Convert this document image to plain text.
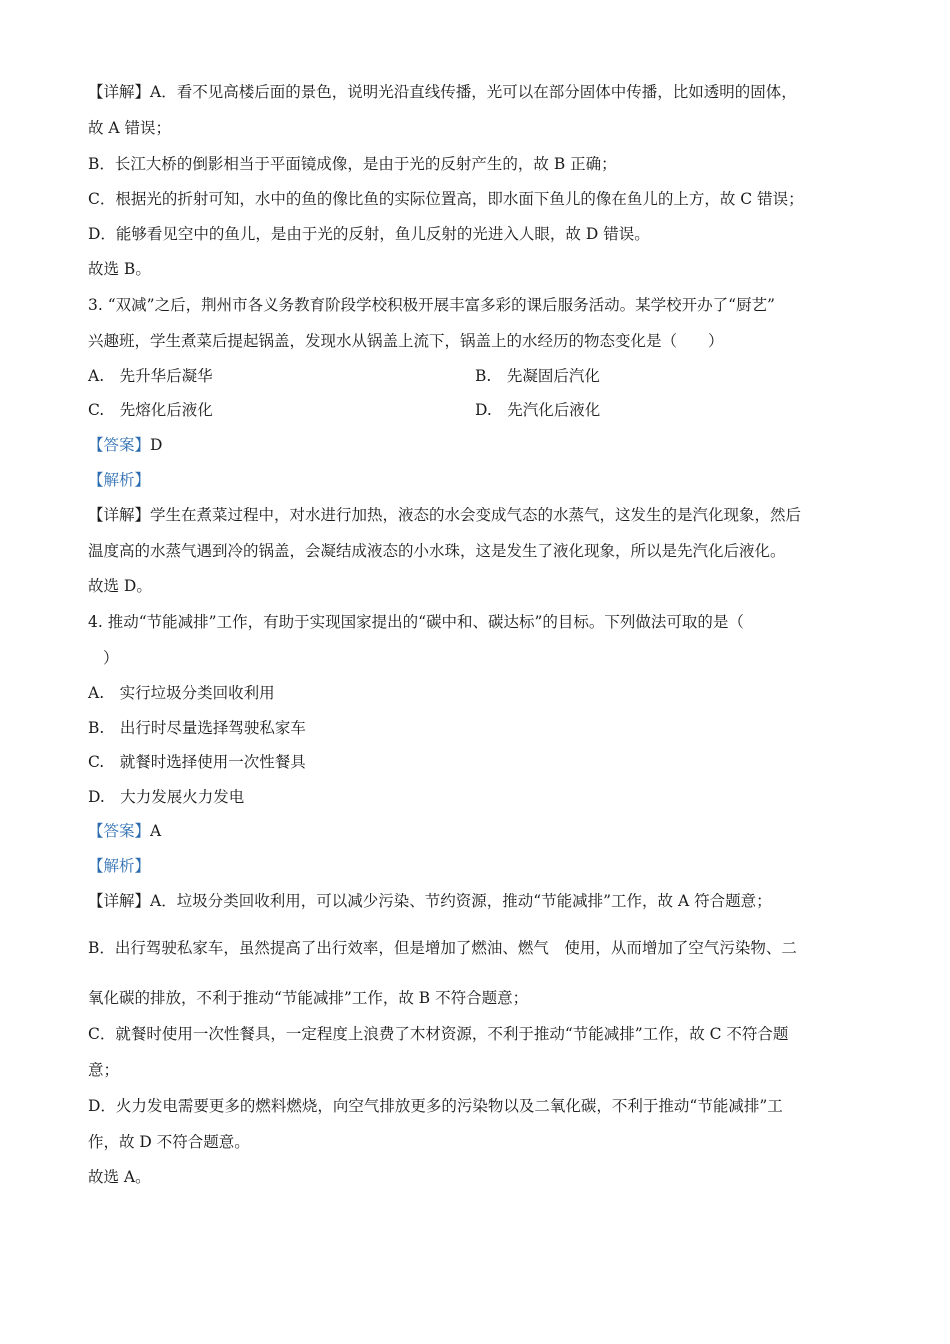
【详解】A．看不见高楼后面的景色，说明光沿直线传播，光可以在部分固体中传播，比如透明的固体，
故 A 错误；
B．长江大桥的倒影相当于平面镜成像，是由于光的反射产生的，故 B 正确；
C．根据光的折射可知，水中的鱼的像比鱼的实际位置高，即水面下鱼儿的像在鱼儿的上方，故 C 错误；
D．能够看见空中的鱼儿，是由于光的反射，鱼儿反射的光进入人眼，故 D 错误。
故选 B。
3. “双减”之后，荆州市各义务教育阶段学校积极开展丰富多彩的课后服务活动。某学校开办了“厨艺”
兴趣班，学生煮菜后提起锅盖，发现水从锅盖上流下，锅盖上的水经历的物态变化是（　　）
A.　先升华后凝华	B.　先凝固后汽化
C.　先熔化后液化	D.　先汽化后液化
【答案】D
【解析】
【详解】学生在煮菜过程中，对水进行加热，液态的水会变成气态的水蒸气，这发生的是汽化现象，然后
温度高的水蒸气遇到冷的锅盖，会凝结成液态的小水珠，这是发生了液化现象，所以是先汽化后液化。
故选 D。
4. 推动“节能减排”工作，有助于实现国家提出的“碳中和、碳达标”的目标。下列做法可取的是（
）
A.　实行垃圾分类回收利用
B.　出行时尽量选择驾驶私家车
C.　就餐时选择使用一次性餐具
D.　大力发展火力发电
【答案】A
【解析】
【详解】A．垃圾分类回收利用，可以减少污染、节约资源，推动“节能减排”工作，故 A 符合题意；
B．出行驾驶私家车，虽然提高了出行效率，但是增加了燃油、燃气　使用，从而增加了空气污染物、二
氧化碳的排放，不利于推动“节能减排”工作，故 B 不符合题意；
C．就餐时使用一次性餐具，一定程度上浪费了木材资源，不利于推动“节能减排”工作，故 C 不符合题
意；
D．火力发电需要更多的燃料燃烧，向空气排放更多的污染物以及二氧化碳，不利于推动“节能减排”工
作，故 D 不符合题意。
故选 A。
